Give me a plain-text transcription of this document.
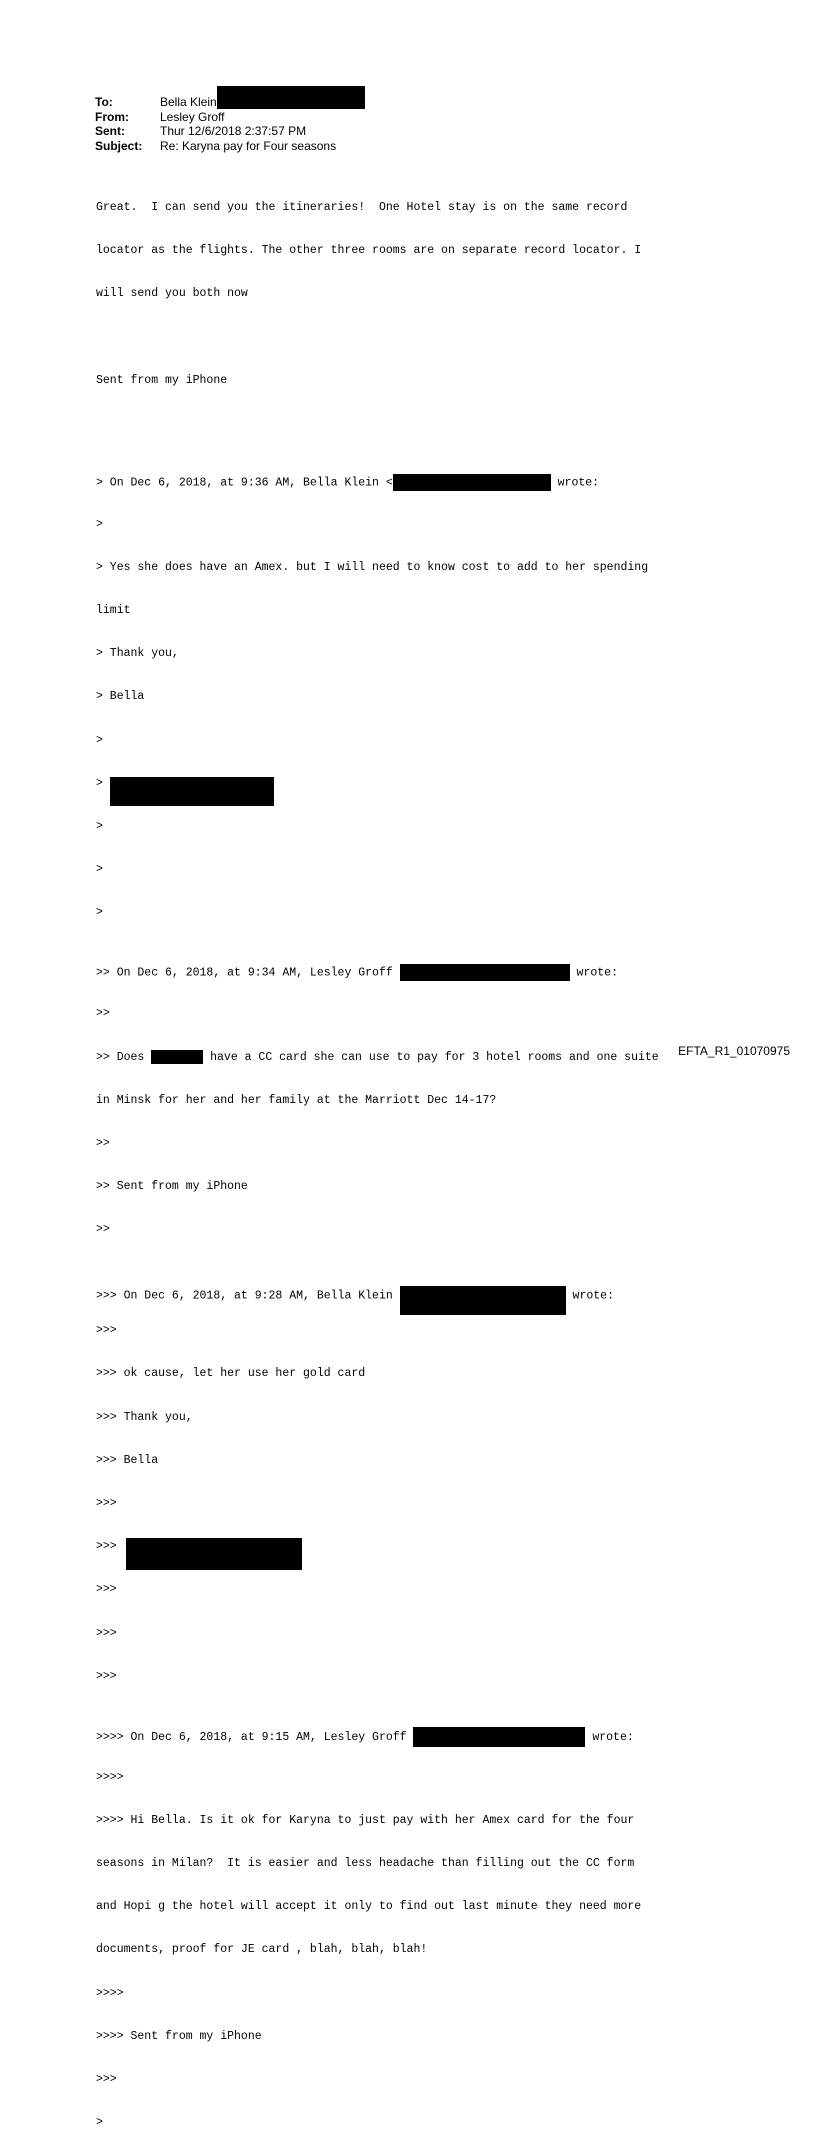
To:	Bella Klein
From:	Lesley Groff
Sent:	Thur 12/6/2018 2:37:57 PM
Subject:	Re: Karyna pay for Four seasons

Great.  I can send you the itineraries!  One Hotel stay is on the same record

locator as the flights. The other three rooms are on separate record locator. I

will send you both now

Sent from my iPhone

> On Dec 6, 2018, at 9:36 AM, Bella Klein <	wrote:

>

> Yes she does have an Amex. but I will need to know cost to add to her spending

limit

> Thank you,

> Bella

>

>

>

>

>

>> On Dec 6, 2018, at 9:34 AM, Lesley Groff	wrote:

>>

>> Does	have a CC card she can use to pay for 3 hotel rooms and one suite

in Minsk for her and her family at the Marriott Dec 14-17?

>>

>> Sent from my iPhone

>>

>>> On Dec 6, 2018, at 9:28 AM, Bella Klein	wrote:

>>>

>>> ok cause, let her use her gold card

>>> Thank you,

>>> Bella

>>>

>>>

>>>

>>>

>>>

>>>> On Dec 6, 2018, at 9:15 AM, Lesley Groff	wrote:

>>>>

>>>> Hi Bella. Is it ok for Karyna to just pay with her Amex card for the four

seasons in Milan?  It is easier and less headache than filling out the CC form

and Hopi g the hotel will accept it only to find out last minute they need more

documents, proof for JE card , blah, blah, blah!

>>>>

>>>> Sent from my iPhone

>>>

>

EFTA_R1_01070975
